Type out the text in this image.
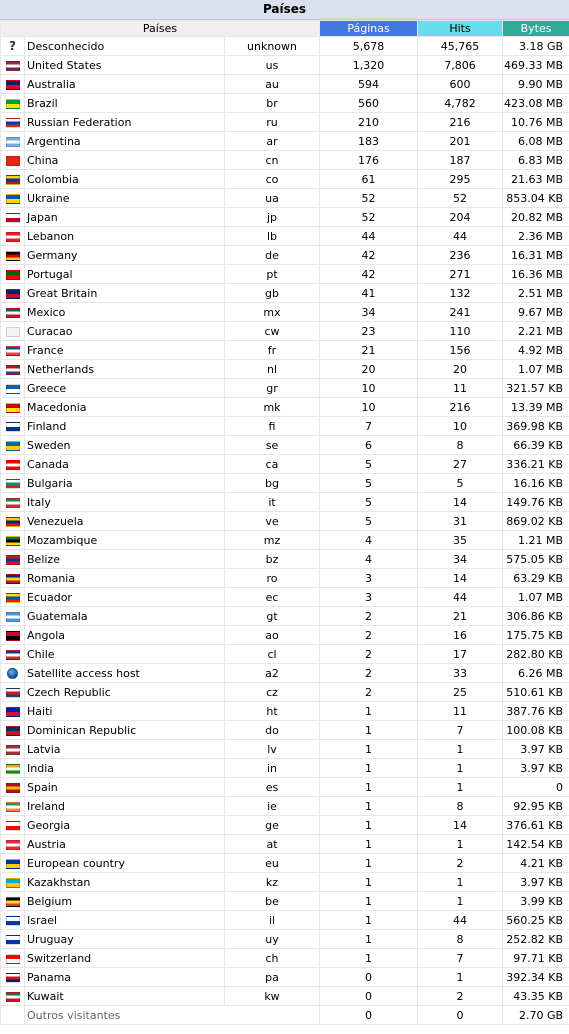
Países
Países			Páginas	Hits	Bytes
?	Desconhecido	unknown	5,678	45,765	3.18 GB
	United States	us	1,320	7,806	469.33 MB
	Australia	au	594	600	9.90 MB
	Brazil	br	560	4,782	423.08 MB
	Russian Federation	ru	210	216	10.76 MB
	Argentina	ar	183	201	6.08 MB
	China	cn	176	187	6.83 MB
	Colombia	co	61	295	21.63 MB
	Ukraine	ua	52	52	853.04 KB
	Japan	jp	52	204	20.82 MB
	Lebanon	lb	44	44	2.36 MB
	Germany	de	42	236	16.31 MB
	Portugal	pt	42	271	16.36 MB
	Great Britain	gb	41	132	2.51 MB
	Mexico	mx	34	241	9.67 MB
	Curacao	cw	23	110	2.21 MB
	France	fr	21	156	4.92 MB
	Netherlands	nl	20	20	1.07 MB
	Greece	gr	10	11	321.57 KB
	Macedonia	mk	10	216	13.39 MB
	Finland	fi	7	10	369.98 KB
	Sweden	se	6	8	66.39 KB
	Canada	ca	5	27	336.21 KB
	Bulgaria	bg	5	5	16.16 KB
	Italy	it	5	14	149.76 KB
	Venezuela	ve	5	31	869.02 KB
	Mozambique	mz	4	35	1.21 MB
	Belize	bz	4	34	575.05 KB
	Romania	ro	3	14	63.29 KB
	Ecuador	ec	3	44	1.07 MB
	Guatemala	gt	2	21	306.86 KB
	Angola	ao	2	16	175.75 KB
	Chile	cl	2	17	282.80 KB
	Satellite access host	a2	2	33	6.26 MB
	Czech Republic	cz	2	25	510.61 KB
	Haiti	ht	1	11	387.76 KB
	Dominican Republic	do	1	7	100.08 KB
	Latvia	lv	1	1	3.97 KB
	India	in	1	1	3.97 KB
	Spain	es	1	1	0
	Ireland	ie	1	8	92.95 KB
	Georgia	ge	1	14	376.61 KB
	Austria	at	1	1	142.54 KB
	European country	eu	1	2	4.21 KB
	Kazakhstan	kz	1	1	3.97 KB
	Belgium	be	1	1	3.99 KB
	Israel	il	1	44	560.25 KB
	Uruguay	uy	1	8	252.82 KB
	Switzerland	ch	1	7	97.71 KB
	Panama	pa	0	1	392.34 KB
	Kuwait	kw	0	2	43.35 KB
	Outros visitantes		0	0	2.70 GB
